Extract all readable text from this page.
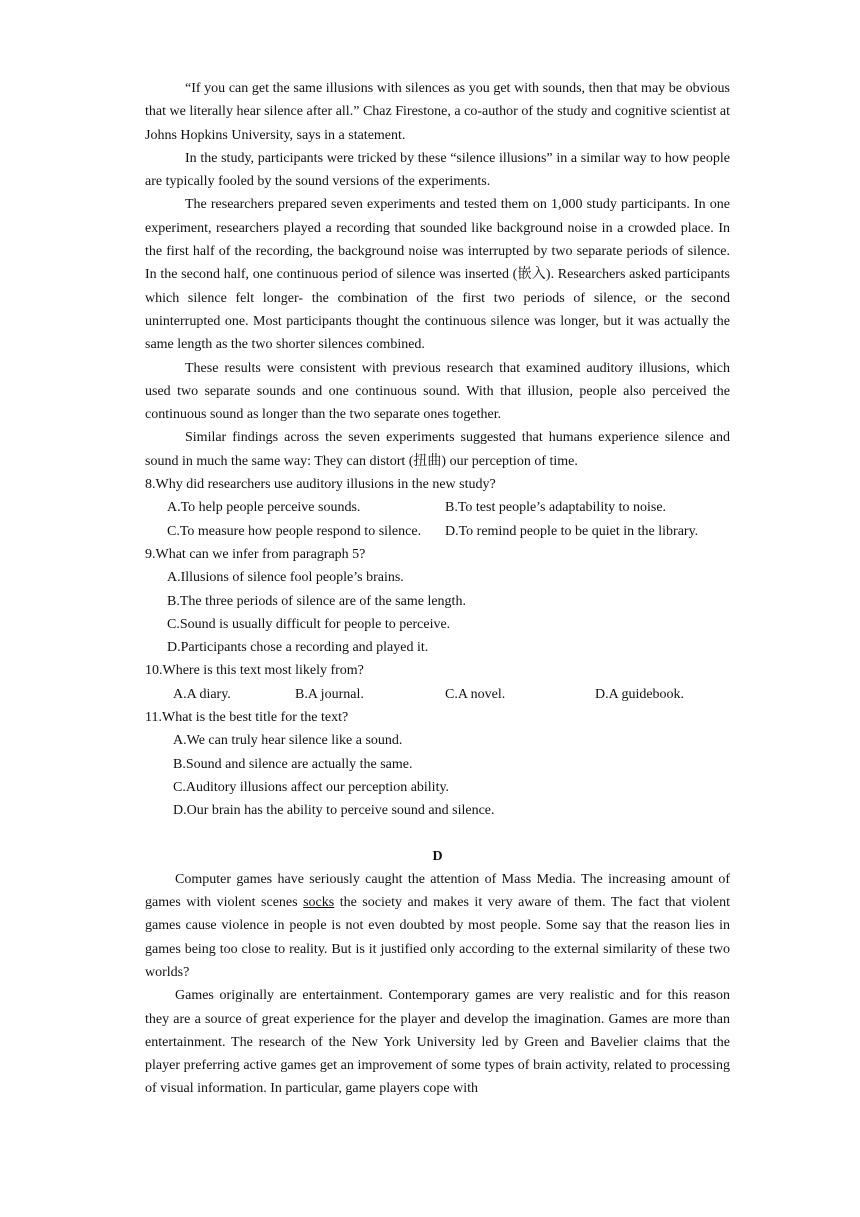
“If you can get the same illusions with silences as you get with sounds, then that may be obvious that we literally hear silence after all.” Chaz Firestone, a co-author of the study and cognitive scientist at Johns Hopkins University, says in a statement.

In the study, participants were tricked by these “silence illusions” in a similar way to how people are typically fooled by the sound versions of the experiments.

The researchers prepared seven experiments and tested them on 1,000 study participants. In one experiment, researchers played a recording that sounded like background noise in a crowded place. In the first half of the recording, the background noise was interrupted by two separate periods of silence. In the second half, one continuous period of silence was inserted (嵌入). Researchers asked participants which silence felt longer- the combination of the first two periods of silence, or the second uninterrupted one. Most participants thought the continuous silence was longer, but it was actually the same length as the two shorter silences combined.

These results were consistent with previous research that examined auditory illusions, which used two separate sounds and one continuous sound. With that illusion, people also perceived the continuous sound as longer than the two separate ones together.

Similar findings across the seven experiments suggested that humans experience silence and sound in much the same way: They can distort (扭曲) our perception of time.

8.Why did researchers use auditory illusions in the new study?

A.To help people perceive sounds.	B.To test people’s adaptability to noise.
C.To measure how people respond to silence. D.To remind people to be quiet in the library.

9.What can we infer from paragraph 5?

A.Illusions of silence fool people’s brains.

B.The three periods of silence are of the same length.

C.Sound is usually difficult for people to perceive.

D.Participants chose a recording and played it.

10.Where is this text most likely from?

A.A diary.	B.A journal.	C.A novel.	D.A guidebook.

11.What is the best title for the text?

A.We can truly hear silence like a sound.

B.Sound and silence are actually the same.

C.Auditory illusions affect our perception ability.

D.Our brain has the ability to perceive sound and silence.

D

Computer games have seriously caught the attention of Mass Media. The increasing amount of games with violent scenes socks the society and makes it very aware of them. The fact that violent games cause violence in people is not even doubted by most people. Some say that the reason lies in games being too close to reality. But is it justified only according to the external similarity of these two worlds?

Games originally are entertainment. Contemporary games are very realistic and for this reason they are a source of great experience for the player and develop the imagination. Games are more than entertainment. The research of the New York University led by Green and Bavelier claims that the player preferring active games get an improvement of some types of brain activity, related to processing of visual information. In particular, game players cope with
